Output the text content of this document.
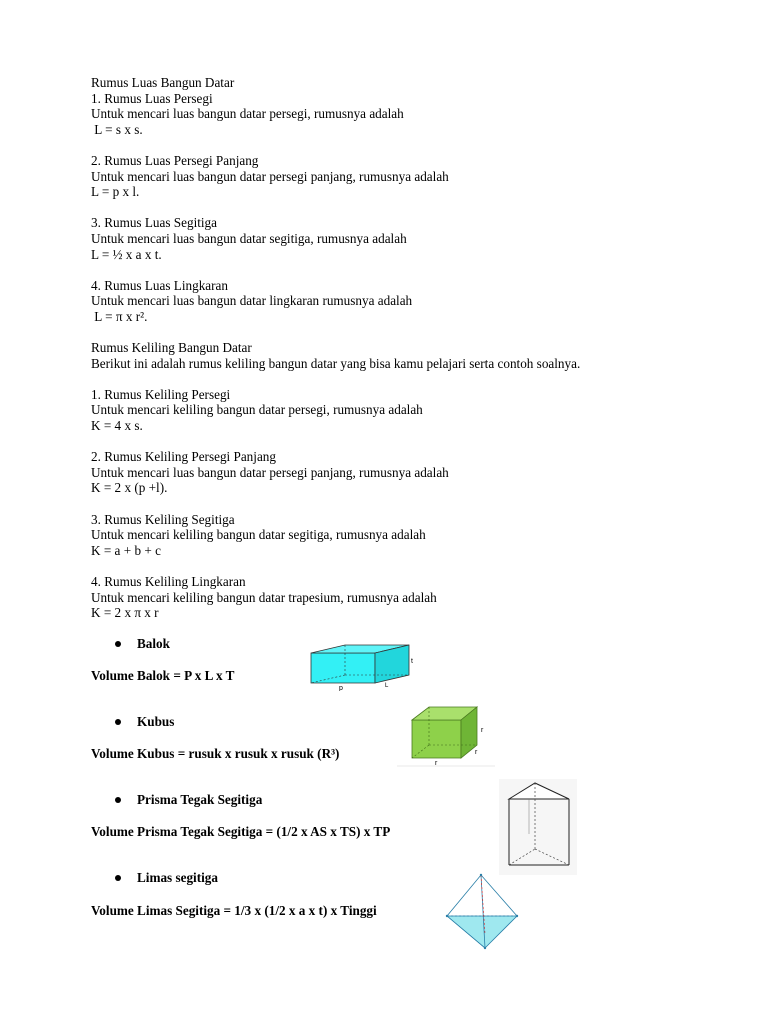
Rumus Luas Bangun Datar
1. Rumus Luas Persegi
Untuk mencari luas bangun datar persegi, rumusnya adalah
L = s x s.
2. Rumus Luas Persegi Panjang
Untuk mencari luas bangun datar persegi panjang, rumusnya adalah
L = p x l.
3. Rumus Luas Segitiga
Untuk mencari luas bangun datar segitiga, rumusnya adalah
L = ½ x a x t.
4. Rumus Luas Lingkaran
Untuk mencari luas bangun datar lingkaran rumusnya adalah
L = π x r².
Rumus Keliling Bangun Datar
Berikut ini adalah rumus keliling bangun datar yang bisa kamu pelajari serta contoh soalnya.
1. Rumus Keliling Persegi
Untuk mencari keliling bangun datar persegi, rumusnya adalah
K = 4 x s.
2. Rumus Keliling Persegi Panjang
Untuk mencari luas bangun datar persegi panjang, rumusnya adalah
K = 2 x (p +l).
3. Rumus Keliling Segitiga
Untuk mencari keliling bangun datar segitiga, rumusnya adalah
K = a + b + c
4. Rumus Keliling Lingkaran
Untuk mencari keliling bangun datar trapesium, rumusnya adalah
K = 2 x π x r
Balok
Volume Balok = P x L x T
Kubus
Volume Kubus = rusuk x rusuk x rusuk (R³)
Prisma Tegak Segitiga
Volume Prisma Tegak Segitiga = (1/2 x AS x TS) x TP
Limas segitiga
Volume Limas Segitiga = 1/3 x (1/2 x a x t) x Tinggi
p	L
t
r
r
r
